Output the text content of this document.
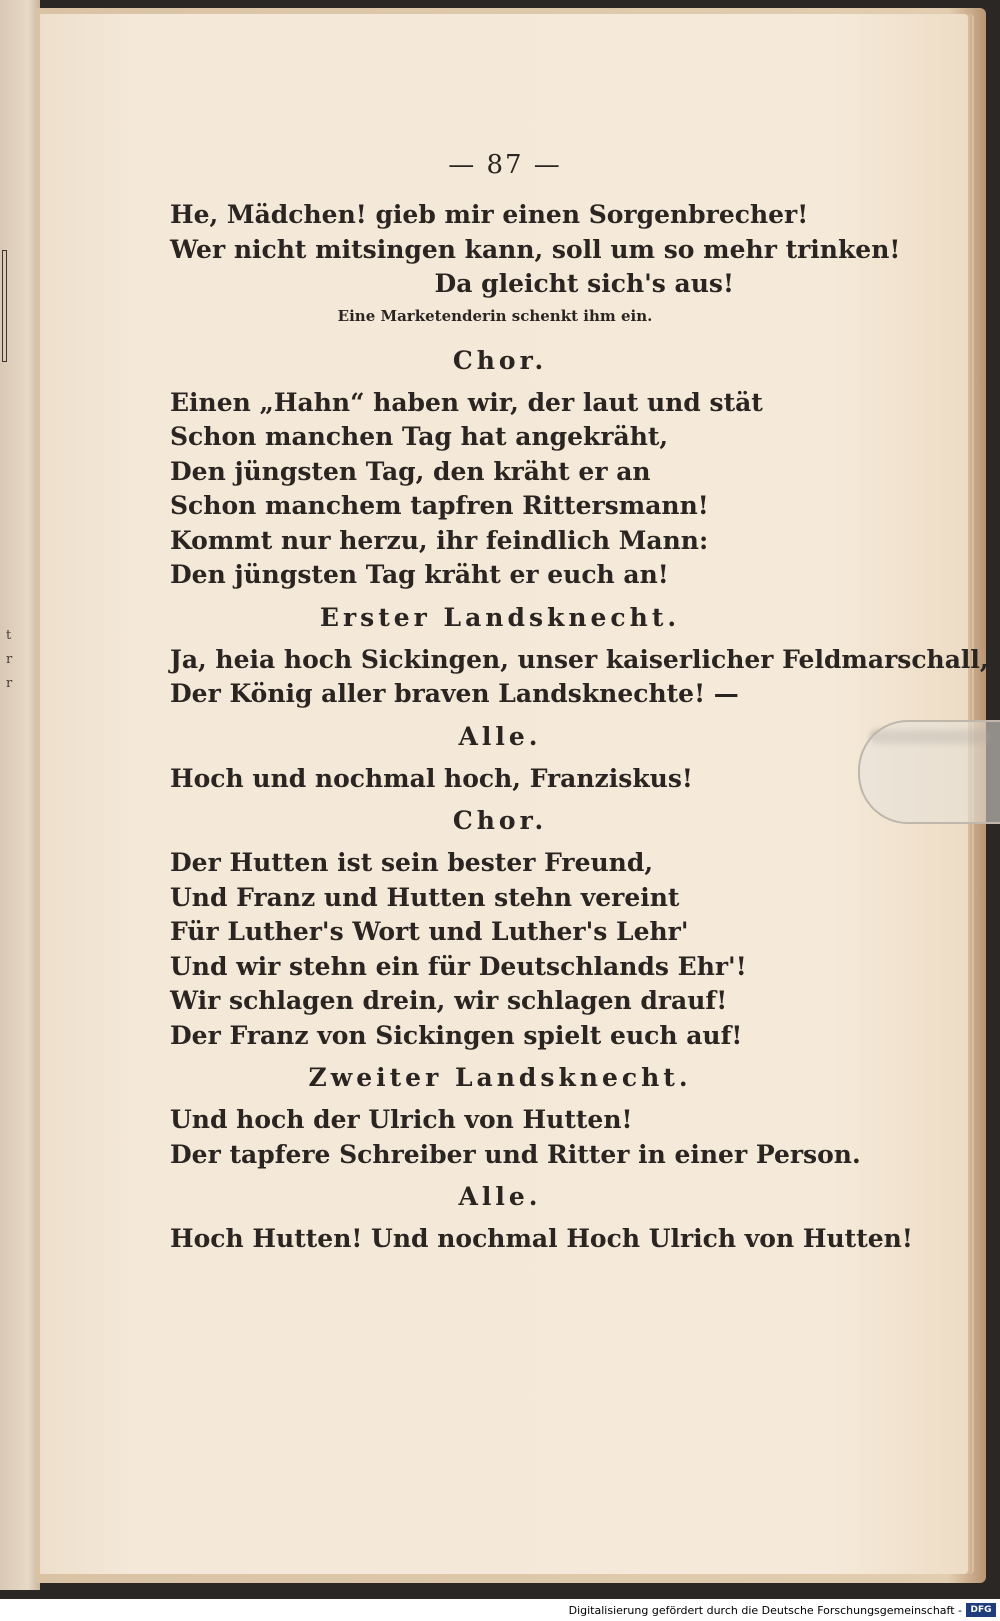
t
r
r
— 87 —
He, Mädchen! gieb mir einen Sorgenbrecher!
Wer nicht mitsingen kann, soll um so mehr trinken!
Da gleicht sich's aus!
Eine Marketenderin schenkt ihm ein.
Chor.
Einen „Hahn“ haben wir, der laut und stät
Schon manchen Tag hat angekräht,
Den jüngsten Tag, den kräht er an
Schon manchem tapfren Rittersmann!
Kommt nur herzu, ihr feindlich Mann:
Den jüngsten Tag kräht er euch an!
Erster Landsknecht.
Ja, heia hoch Sickingen, unser kaiserlicher Feldmarschall,
Der König aller braven Landsknechte! —
Alle.
Hoch und nochmal hoch, Franziskus!
Chor.
Der Hutten ist sein bester Freund,
Und Franz und Hutten stehn vereint
Für Luther's Wort und Luther's Lehr'
Und wir stehn ein für Deutschlands Ehr'!
Wir schlagen drein, wir schlagen drauf!
Der Franz von Sickingen spielt euch auf!
Zweiter Landsknecht.
Und hoch der Ulrich von Hutten!
Der tapfere Schreiber und Ritter in einer Person.
Alle.
Hoch Hutten! Und nochmal Hoch Ulrich von Hutten!
Digitalisierung gefördert durch die Deutsche Forschungsgemeinschaft - DFG
